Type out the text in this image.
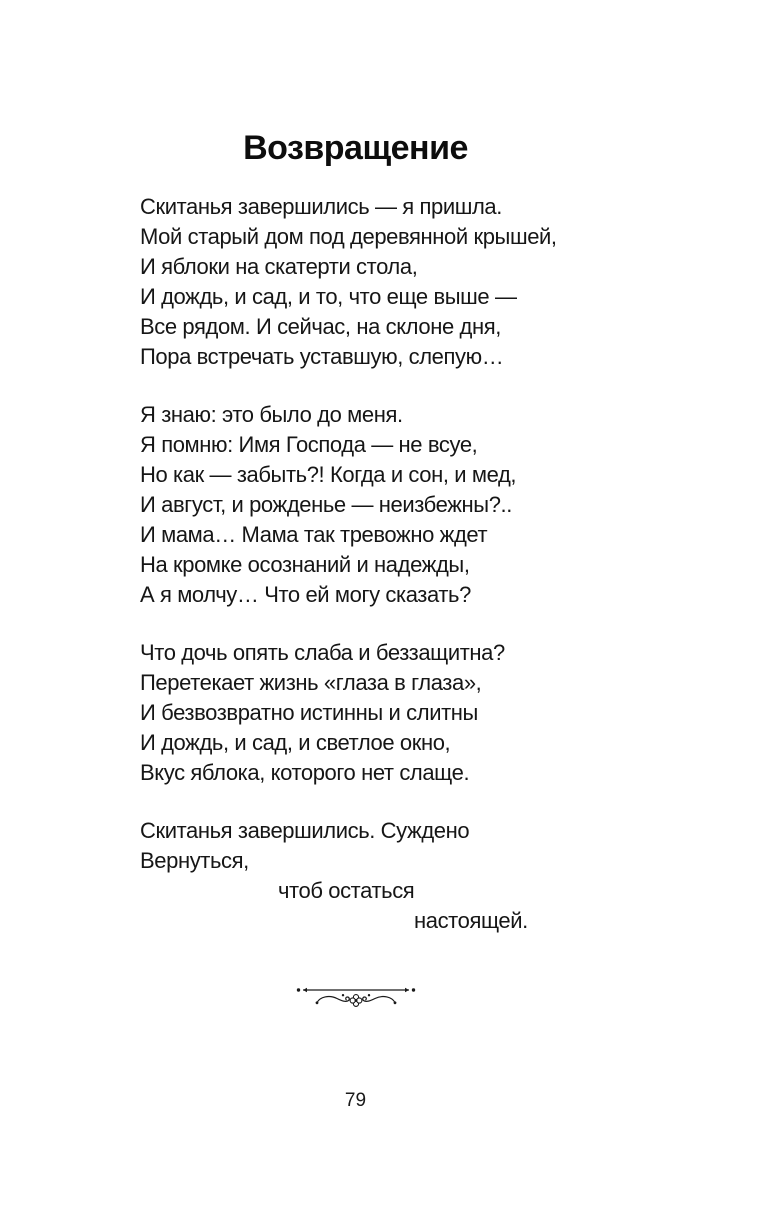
Возвращение
Скитанья завершились — я пришла.
Мой старый дом под деревянной крышей,
И яблоки на скатерти стола,
И дождь, и сад, и то, что еще выше —
Все рядом. И сейчас, на склоне дня,
Пора встречать уставшую, слепую…
Я знаю: это было до меня.
Я помню: Имя Господа — не всуе,
Но как — забыть?! Когда и сон, и мед,
И август, и рожденье — неизбежны?..
И мама… Мама так тревожно ждет
На кромке осознаний и надежды,
А я молчу… Что ей могу сказать?
Что дочь опять слаба и беззащитна?
Перетекает жизнь «глаза в глаза»,
И безвозвратно истинны и слитны
И дождь, и сад, и светлое окно,
Вкус яблока, которого нет слаще.
Скитанья завершились. Суждено
Вернуться,
чтоб остаться
настоящей.
79
